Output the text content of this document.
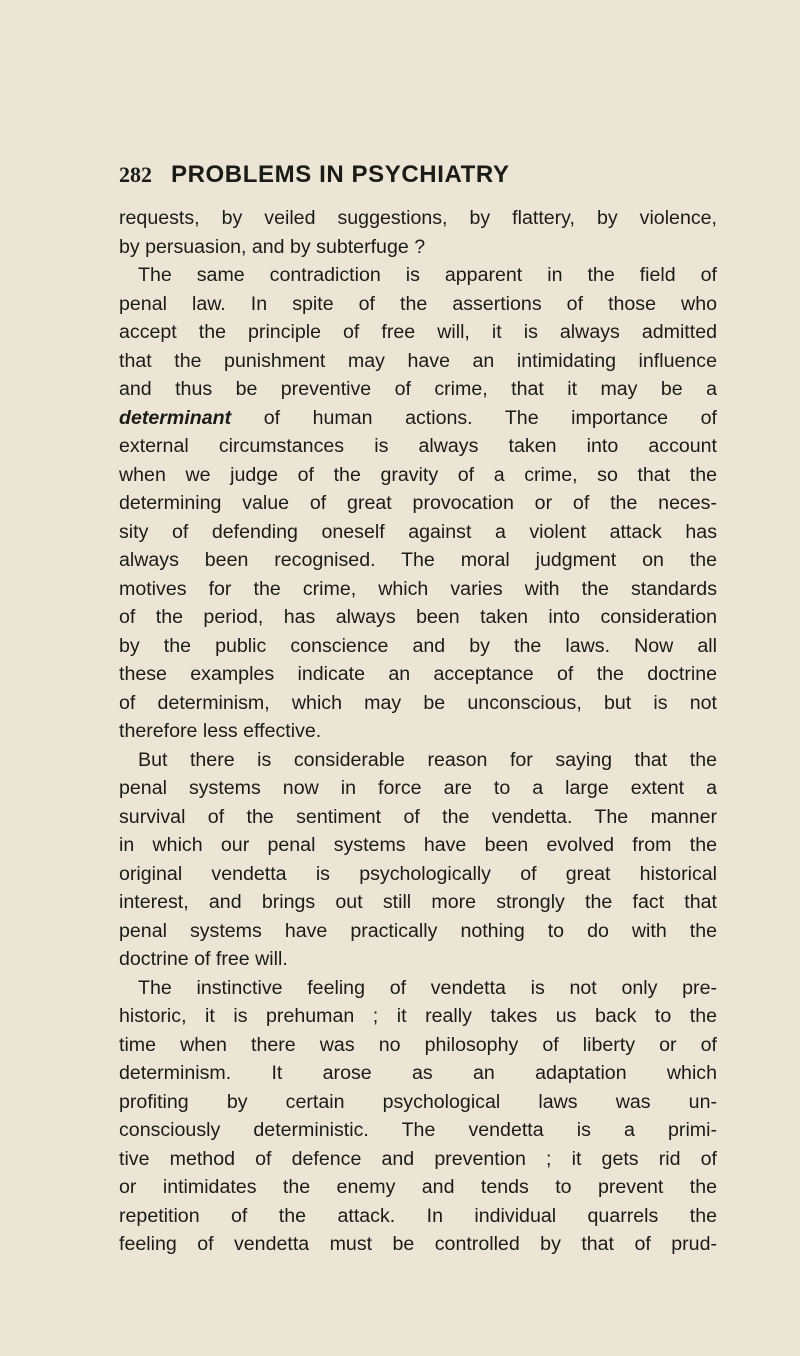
282 PROBLEMS IN PSYCHIATRY
requests, by veiled suggestions, by flattery, by violence,
by persuasion, and by subterfuge ?
The same contradiction is apparent in the field of
penal law. In spite of the assertions of those who
accept the principle of free will, it is always admitted
that the punishment may have an intimidating influence
and thus be preventive of crime, that it may be a
determinant of human actions. The importance of
external circumstances is always taken into account
when we judge of the gravity of a crime, so that the
determining value of great provocation or of the neces-
sity of defending oneself against a violent attack has
always been recognised. The moral judgment on the
motives for the crime, which varies with the standards
of the period, has always been taken into consideration
by the public conscience and by the laws. Now all
these examples indicate an acceptance of the doctrine
of determinism, which may be unconscious, but is not
therefore less effective.
But there is considerable reason for saying that the
penal systems now in force are to a large extent a
survival of the sentiment of the vendetta. The manner
in which our penal systems have been evolved from the
original vendetta is psychologically of great historical
interest, and brings out still more strongly the fact that
penal systems have practically nothing to do with the
doctrine of free will.
The instinctive feeling of vendetta is not only pre-
historic, it is prehuman ; it really takes us back to the
time when there was no philosophy of liberty or of
determinism. It arose as an adaptation which
profiting by certain psychological laws was un-
consciously deterministic. The vendetta is a primi-
tive method of defence and prevention ; it gets rid of
or intimidates the enemy and tends to prevent the
repetition of the attack. In individual quarrels the
feeling of vendetta must be controlled by that of prud-
